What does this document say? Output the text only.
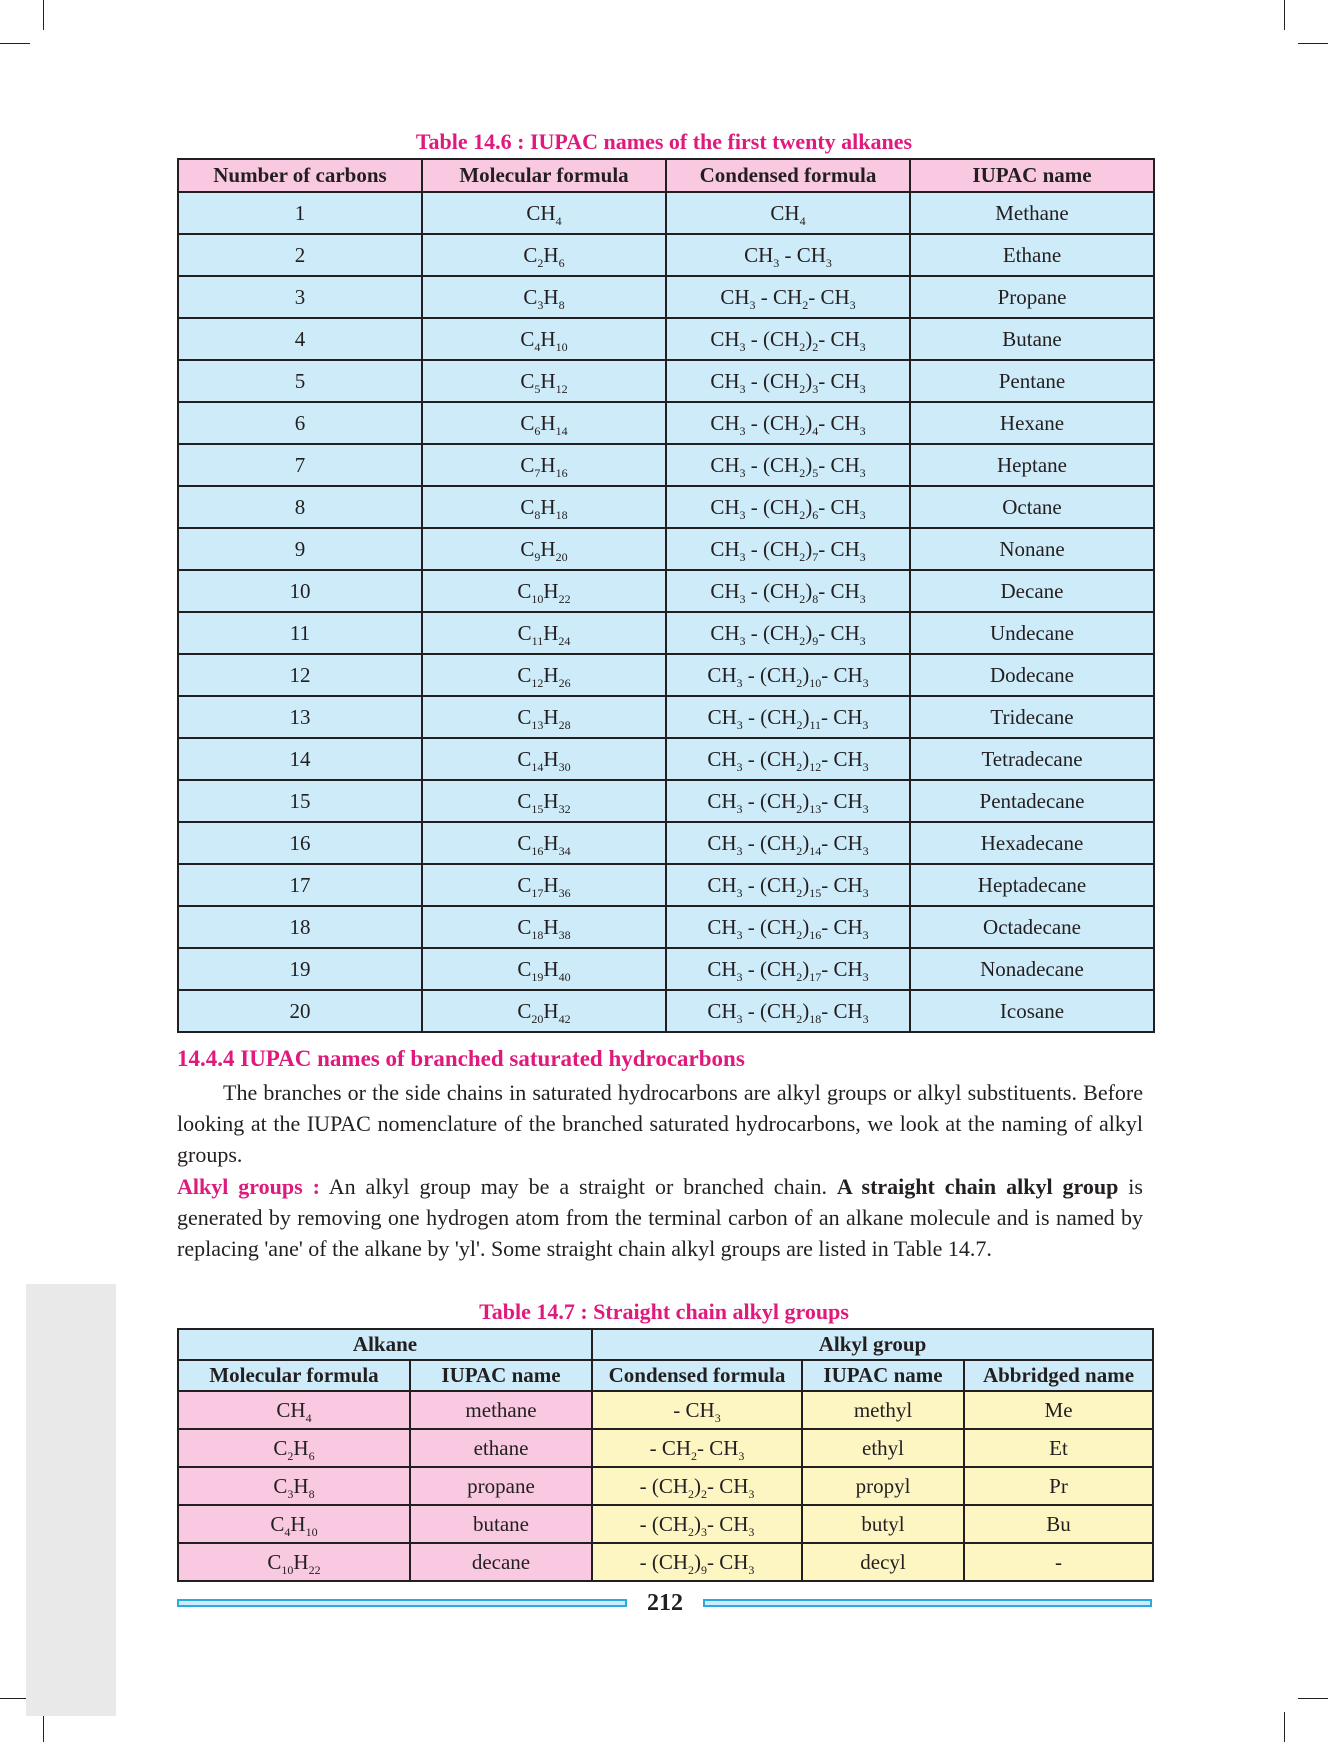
Table 14.6 : IUPAC names of the first twenty alkanes
Number of carbons	Molecular formula	Condensed formula	IUPAC name
1	$CH_4$	$CH_4$	Methane
2	$C_2H_6$	$CH_3 - CH_3$	Ethane
3	$C_3H_8$	$CH_3 - CH_2-$ $CH_3$	Propane
4	$C_4H_{10}$	$CH_3 - (CH_2)_2-$ $CH_3$	Butane
5	$C_5H_{12}$	$CH_3 - (CH_2)_3-$ $CH_3$	Pentane
6	$C_6H_{14}$	$CH_3 - (CH_2)_4-$ $CH_3$	Hexane
7	$C_7H_{16}$	$CH_3 - (CH_2)_5-$ $CH_3$	Heptane
8	$C_8H_{18}$	$CH_3 - (CH_2)_6-$ $CH_3$	Octane
9	$C_9H_{20}$	$CH_3 - (CH_2)_7-$ $CH_3$	Nonane
10	$C_{10}H_{22}$	$CH_3 - (CH_2)_8-$ $CH_3$	Decane
11	$C_{11}H_{24}$	$CH_3 - (CH_2)_9-$ $CH_3$	Undecane
12	$C_{12}H_{26}$	$CH_3 - (CH_2)_{10}-$ $CH_3$	Dodecane
13	$C_{13}H_{28}$	$CH_3 - (CH_2)_{11}-$ $CH_3$	Tridecane
14	$C_{14}H_{30}$	$CH_3 - (CH_2)_{12}-$ $CH_3$	Tetradecane
15	$C_{15}H_{32}$	$CH_3 - (CH_2)_{13}-$ $CH_3$	Pentadecane
16	$C_{16}H_{34}$	$CH_3 - (CH_2)_{14}-$ $CH_3$	Hexadecane
17	$C_{17}H_{36}$	$CH_3 - (CH_2)_{15}-$ $CH_3$	Heptadecane
18	$C_{18}H_{38}$	$CH_3 - (CH_2)_{16}-$ $CH_3$	Octadecane
19	$C_{19}H_{40}$	$CH_3 - (CH_2)_{17}-$ $CH_3$	Nonadecane
20	$C_{20}H_{42}$	$CH_3 - (CH_2)_{18}-$ $CH_3$	Icosane
14.4.4 IUPAC names of branched saturated hydrocarbons
The branches or the side chains in saturated hydrocarbons are alkyl groups or alkyl substituents. Before looking at the IUPAC nomenclature of the branched saturated hydrocarbons, we look at the naming of alkyl groups.
Alkyl groups : An alkyl group may be a straight or branched chain. A straight chain alkyl group is generated by removing one hydrogen atom from the terminal carbon of an alkane molecule and is named by replacing 'ane' of the alkane by 'yl'. Some straight chain alkyl groups are listed in Table 14.7.
Table 14.7 : Straight chain alkyl groups
Alkane		Alkyl group		
Molecular formula	IUPAC name	Condensed formula	IUPAC name	Abbridged name
$CH_4$	methane	- $CH_3$	methyl	Me
$C_2H_6$	ethane	- $CH_2-$ $CH_3$	ethyl	Et
$C_3H_8$	propane	- $(CH_2)_2-$ $CH_3$	propyl	Pr
$C_4H_{10}$	butane	- $(CH_2)_3-$ $CH_3$	butyl	Bu
$C_{10}H_{22}$	decane	- $(CH_2)_9-$ $CH_3$	decyl	-
212
